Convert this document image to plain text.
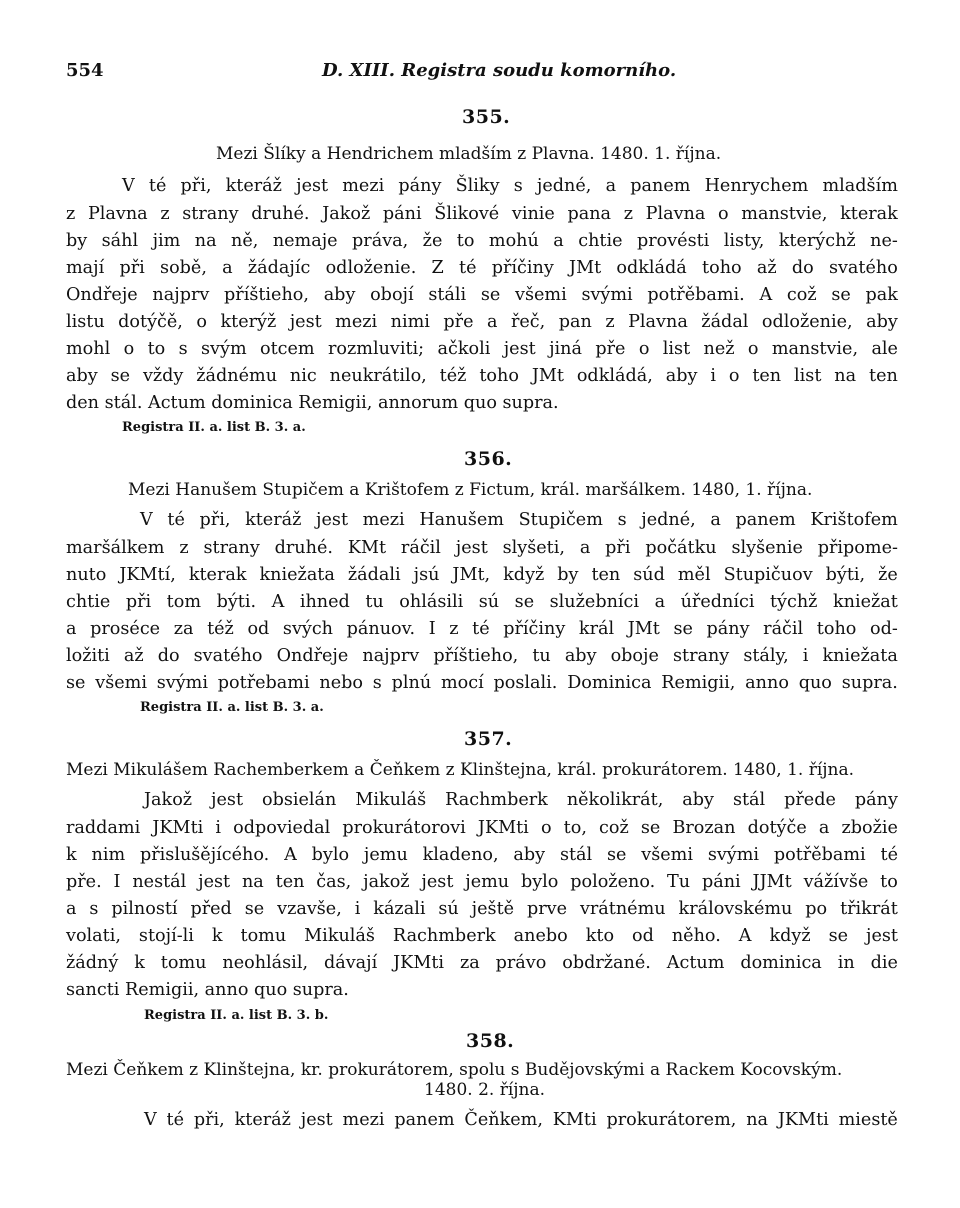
554	D. XIII. Registra soudu komorního.
355.
Mezi Šlíky a Hendrichem mladším z Plavna. 1480. 1. října.
V té při, kteráž jest mezi pány Šliky s jedné, a panem Henrychem mladším
z Plavna z strany druhé. Jakož páni Šlikové vinie pana z Plavna o manstvie, kterak
by sáhl jim na ně, nemaje práva, že to mohú a chtie provésti listy, kterýchž ne-
mají při sobě, a žádajíc odloženie. Z té příčiny JMt odkládá toho až do svatého
Ondřeje najprv příštieho, aby obojí stáli se všemi svými potřěbami. A což se pak
listu dotýčě, o kterýž jest mezi nimi pře a řeč, pan z Plavna žádal odloženie, aby
mohl o to s svým otcem rozmluviti; ačkoli jest jiná pře o list než o manstvie, ale
aby se vždy žádnému nic neukrátilo, též toho JMt odkládá, aby i o ten list na ten
den stál. Actum dominica Remigii, annorum quo supra.
Registra II. a. list B. 3. a.
356.
Mezi Hanušem Stupičem a Krištofem z Fictum, král. maršálkem. 1480, 1. října.
V té při, kteráž jest mezi Hanušem Stupičem s jedné, a panem Krištofem
maršálkem z strany druhé. KMt ráčil jest slyšeti, a při počátku slyšenie připome-
nuto JKMtí, kterak kniežata žádali jsú JMt, když by ten súd měl Stupičuov býti, že
chtie při tom býti. A ihned tu ohlásili sú se služebníci a úředníci týchž kniežat
a proséce za též od svých pánuov. I z té příčiny král JMt se pány ráčil toho od-
ložiti až do svatého Ondřeje najprv příštieho, tu aby oboje strany stály, i kniežata
se všemi svými potřebami nebo s plnú mocí poslali. Dominica Remigii, anno quo supra.
Registra II. a. list B. 3. a.
357.
Mezi Mikulášem Rachemberkem a Čeňkem z Klinštejna, král. prokurátorem. 1480, 1. října.
Jakož jest obsielán Mikuláš Rachmberk několikrát, aby stál přede pány
raddami JKMti i odpoviedal prokurátorovi JKMti o to, což se Brozan dotýče a zbožie
k nim přislušějícého. A bylo jemu kladeno, aby stál se všemi svými potřěbami té
pře. I nestál jest na ten čas, jakož jest jemu bylo položeno. Tu páni JJMt vážívše to
a s pilností před se vzavše, i kázali sú ještě prve vrátnému královskému po třikrát
volati, stojí-li k tomu Mikuláš Rachmberk anebo kto od něho. A když se jest
žádný k tomu neohlásil, dávají JKMti za právo obdržané. Actum dominica in die
sancti Remigii, anno quo supra.
Registra II. a. list B. 3. b.
358.
Mezi Čeňkem z Klinštejna, kr. prokurátorem, spolu s Budějovskými a Rackem Kocovským.
1480. 2. října.
V té při, kteráž jest mezi panem Čeňkem, KMti prokurátorem, na JKMti miestě
